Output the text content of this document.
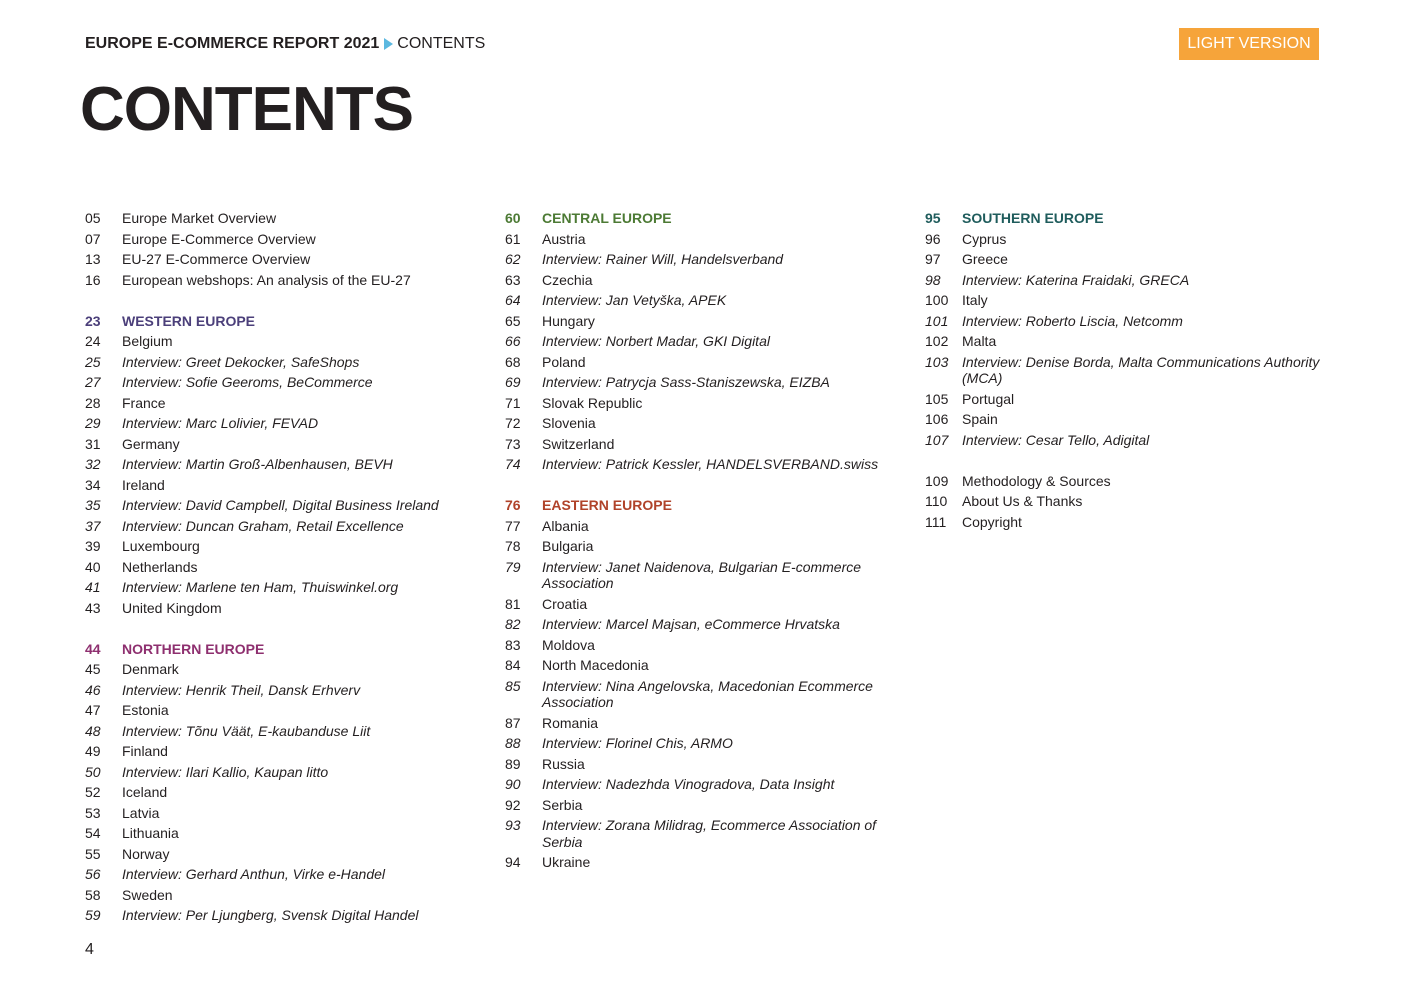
EUROPE E-COMMERCE REPORT 2021 CONTENTS	LIGHT VERSION
CONTENTS
05	Europe Market Overview
07	Europe E-Commerce Overview
13	EU-27 E-Commerce Overview
16	European webshops: An analysis of the EU-27
23	WESTERN EUROPE
24	Belgium
25	Interview: Greet Dekocker, SafeShops
27	Interview: Sofie Geeroms, BeCommerce
28	France
29	Interview: Marc Lolivier, FEVAD
31	Germany
32	Interview: Martin Groß-Albenhausen, BEVH
34	Ireland
35	Interview: David Campbell, Digital Business Ireland
37	Interview: Duncan Graham, Retail Excellence
39	Luxembourg
40	Netherlands
41	Interview: Marlene ten Ham, Thuiswinkel.org
43	United Kingdom
44	NORTHERN EUROPE
45	Denmark
46	Interview: Henrik Theil, Dansk Erhverv
47	Estonia
48	Interview: Tõnu Väät, E-kaubanduse Liit
49	Finland
50	Interview: Ilari Kallio, Kaupan litto
52	Iceland
53	Latvia
54	Lithuania
55	Norway
56	Interview: Gerhard Anthun, Virke e-Handel
58	Sweden
59	Interview: Per Ljungberg, Svensk Digital Handel
60	CENTRAL EUROPE
61	Austria
62	Interview: Rainer Will, Handelsverband
63	Czechia
64	Interview: Jan Vetyška, APEK
65	Hungary
66	Interview: Norbert Madar, GKI Digital
68	Poland
69	Interview: Patrycja Sass-Staniszewska, EIZBA
71	Slovak Republic
72	Slovenia
73	Switzerland
74	Interview: Patrick Kessler, HANDELSVERBAND.swiss
76	EASTERN EUROPE
77	Albania
78	Bulgaria
79	Interview: Janet Naidenova, Bulgarian E-commerce Association
81	Croatia
82	Interview: Marcel Majsan, eCommerce Hrvatska
83	Moldova
84	North Macedonia
85	Interview: Nina Angelovska, Macedonian Ecommerce Association
87	Romania
88	Interview: Florinel Chis, ARMO
89	Russia
90	Interview: Nadezhda Vinogradova, Data Insight
92	Serbia
93	Interview: Zorana Milidrag, Ecommerce Association of Serbia
94	Ukraine
95	SOUTHERN EUROPE
96	Cyprus
97	Greece
98	Interview: Katerina Fraidaki, GRECA
100 Italy
101 Interview: Roberto Liscia, Netcomm
102 Malta
103 Interview: Denise Borda, Malta Communications Authority (MCA)
105 Portugal
106 Spain
107 Interview: Cesar Tello, Adigital
109 Methodology & Sources
110	About Us & Thanks
111	Copyright
4
